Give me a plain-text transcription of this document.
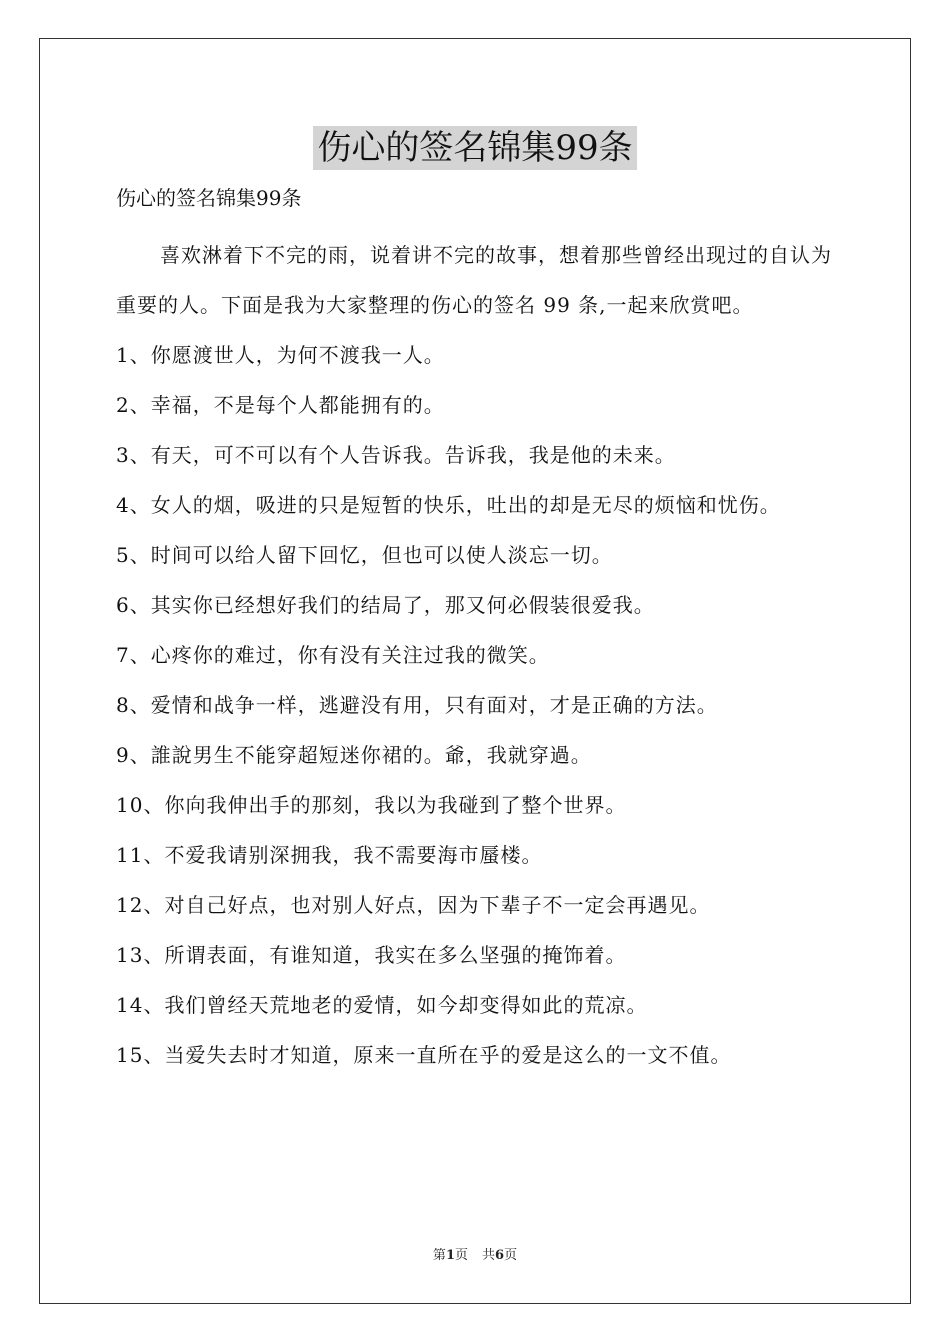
伤心的签名锦集99条
伤心的签名锦集99条

喜欢淋着下不完的雨，说着讲不完的故事，想着那些曾经出现过的自认为重要的人。下面是我为大家整理的伤心的签名 99 条,一起来欣赏吧。

1、你愿渡世人，为何不渡我一人。

2、幸福，不是每个人都能拥有的。

3、有天，可不可以有个人告诉我。告诉我，我是他的未来。

4、女人的烟，吸进的只是短暂的快乐，吐出的却是无尽的烦恼和忧伤。

5、时间可以给人留下回忆，但也可以使人淡忘一切。

6、其实你已经想好我们的结局了，那又何必假装很爱我。

7、心疼你的难过，你有没有关注过我的微笑。

8、爱情和战争一样，逃避没有用，只有面对，才是正确的方法。

9、誰說男生不能穿超短迷你裙的。爺，我就穿過。

10、你向我伸出手的那刻，我以为我碰到了整个世界。

11、不爱我请别深拥我，我不需要海市蜃楼。

12、对自己好点，也对别人好点，因为下辈子不一定会再遇见。

13、所谓表面，有谁知道，我实在多么坚强的掩饰着。

14、我们曾经天荒地老的爱情，如今却变得如此的荒凉。

15、当爱失去时才知道，原来一直所在乎的爱是这么的一文不值。

第1页 共6页
